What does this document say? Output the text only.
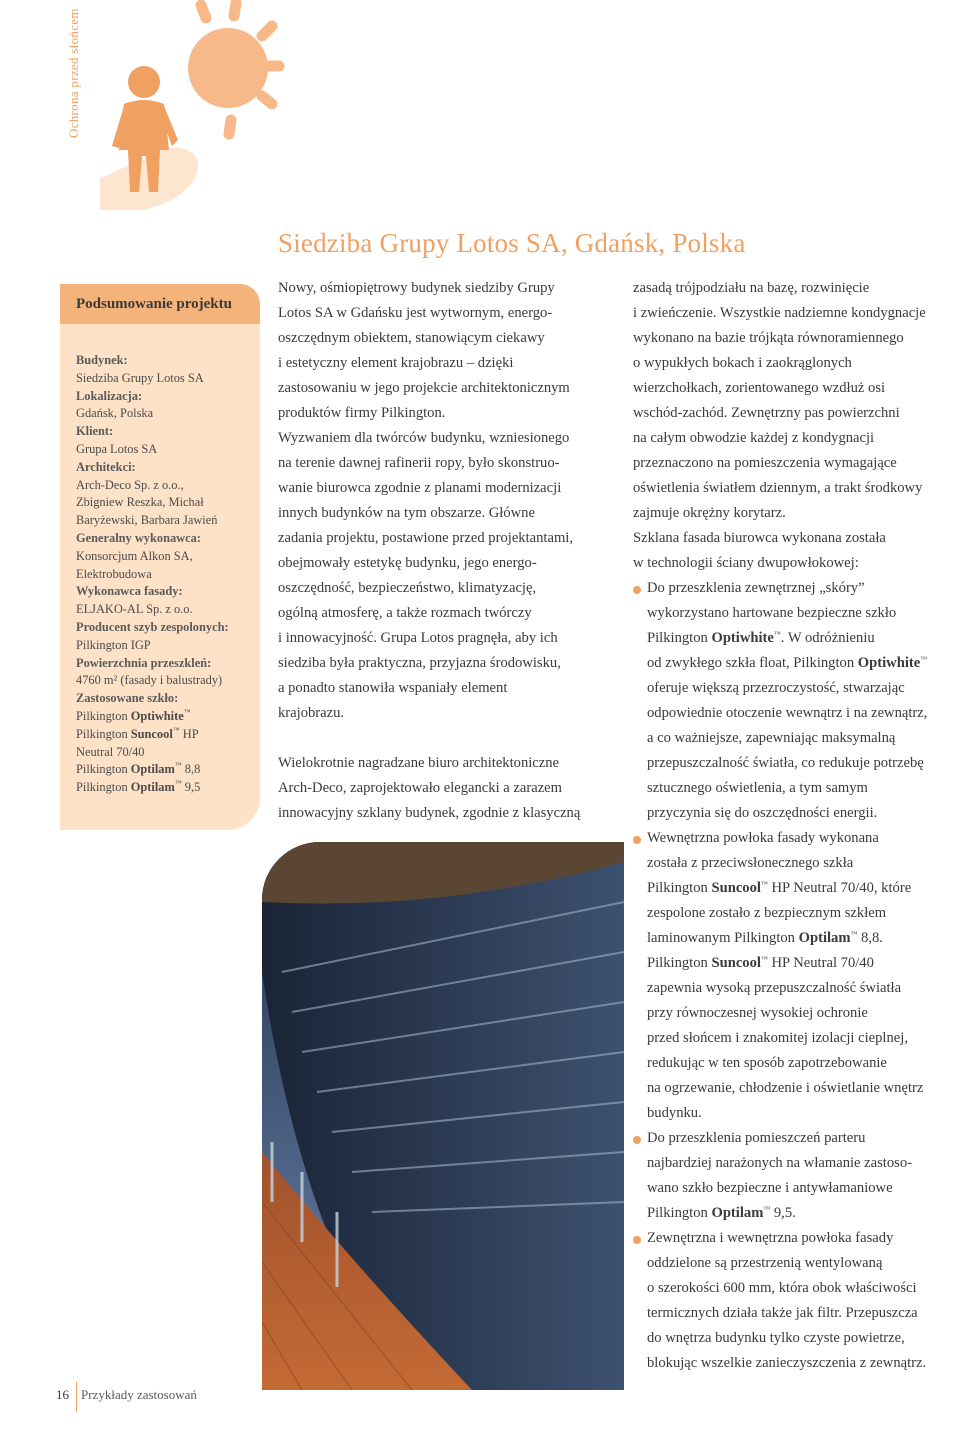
Ochrona przed słońcem
Siedziba Grupy Lotos SA, Gdańsk, Polska
Podsumowanie projektu
Budynek:
Siedziba Grupy Lotos SA
Lokalizacja:
Gdańsk, Polska
Klient:
Grupa Lotos SA
Architekci:
Arch-Deco Sp. z o.o.,
Zbigniew Reszka, Michał
Baryżewski, Barbara Jawień
Generalny wykonawca:
Konsorcjum Alkon SA,
Elektrobudowa
Wykonawca fasady:
ELJAKO-AL Sp. z o.o.
Producent szyb zespolonych:
Pilkington IGP
Powierzchnia przeszkleń:
4760 m² (fasady i balustrady)
Zastosowane szkło:
Pilkington Optiwhite™
Pilkington Suncool™ HP
Neutral 70/40
Pilkington Optilam™ 8,8
Pilkington Optilam™ 9,5

Nowy, ośmiopiętrowy budynek siedziby Grupy

Lotos SA w Gdańsku jest wytwornym, energo-

oszczędnym obiektem, stanowiącym ciekawy

i estetyczny element krajobrazu – dzięki

zastosowaniu w jego projekcie architektonicznym

produktów firmy Pilkington.

Wyzwaniem dla twórców budynku, wzniesionego

na terenie dawnej rafinerii ropy, było skonstruo-

wanie biurowca zgodnie z planami modernizacji

innych budynków na tym obszarze. Główne

zadania projektu, postawione przed projektantami,

obejmowały estetykę budynku, jego energo-

oszczędność, bezpieczeństwo, klimatyzację,

ogólną atmosferę, a także rozmach twórczy

i innowacyjność. Grupa Lotos pragnęła, aby ich

siedziba była praktyczna, przyjazna środowisku,

a ponadto stanowiła wspaniały element

krajobrazu.

Wielokrotnie nagradzane biuro architektoniczne

Arch-Deco, zaprojektowało elegancki a zarazem

innowacyjny szklany budynek, zgodnie z klasyczną

zasadą trójpodziału na bazę, rozwinięcie

i zwieńczenie. Wszystkie nadziemne kondygnacje

wykonano na bazie trójkąta równoramiennego

o wypukłych bokach i zaokrąglonych

wierzchołkach, zorientowanego wzdłuż osi

wschód-zachód. Zewnętrzny pas powierzchni

na całym obwodzie każdej z kondygnacji

przeznaczono na pomieszczenia wymagające

oświetlenia światłem dziennym, a trakt środkowy

zajmuje okrężny korytarz.

Szklana fasada biurowca wykonana została

w technologii ściany dwupowłokowej:

Do przeszklenia zewnętrznej „skóry”

wykorzystano hartowane bezpieczne szkło

Pilkington Optiwhite™. W odróżnieniu

od zwykłego szkła float, Pilkington Optiwhite™

oferuje większą przezroczystość, stwarzając

odpowiednie otoczenie wewnątrz i na zewnątrz,

a co ważniejsze, zapewniając maksymalną

przepuszczalność światła, co redukuje potrzebę

sztucznego oświetlenia, a tym samym

przyczynia się do oszczędności energii.

Wewnętrzna powłoka fasady wykonana

została z przeciwsłonecznego szkła

Pilkington Suncool™ HP Neutral 70/40, które

zespolone zostało z bezpiecznym szkłem

laminowanym Pilkington Optilam™ 8,8.

Pilkington Suncool™ HP Neutral 70/40

zapewnia wysoką przepuszczalność światła

przy równoczesnej wysokiej ochronie

przed słońcem i znakomitej izolacji cieplnej,

redukując w ten sposób zapotrzebowanie

na ogrzewanie, chłodzenie i oświetlanie wnętrz

budynku.

Do przeszklenia pomieszczeń parteru

najbardziej narażonych na włamanie zastoso-

wano szkło bezpieczne i antywłamaniowe

Pilkington Optilam™ 9,5.

Zewnętrzna i wewnętrzna powłoka fasady

oddzielone są przestrzenią wentylowaną

o szerokości 600 mm, która obok właściwości

termicznych działa także jak filtr. Przepuszcza

do wnętrza budynku tylko czyste powietrze,

blokując wszelkie zanieczyszczenia z zewnątrz.

16 Przykłady zastosowań
